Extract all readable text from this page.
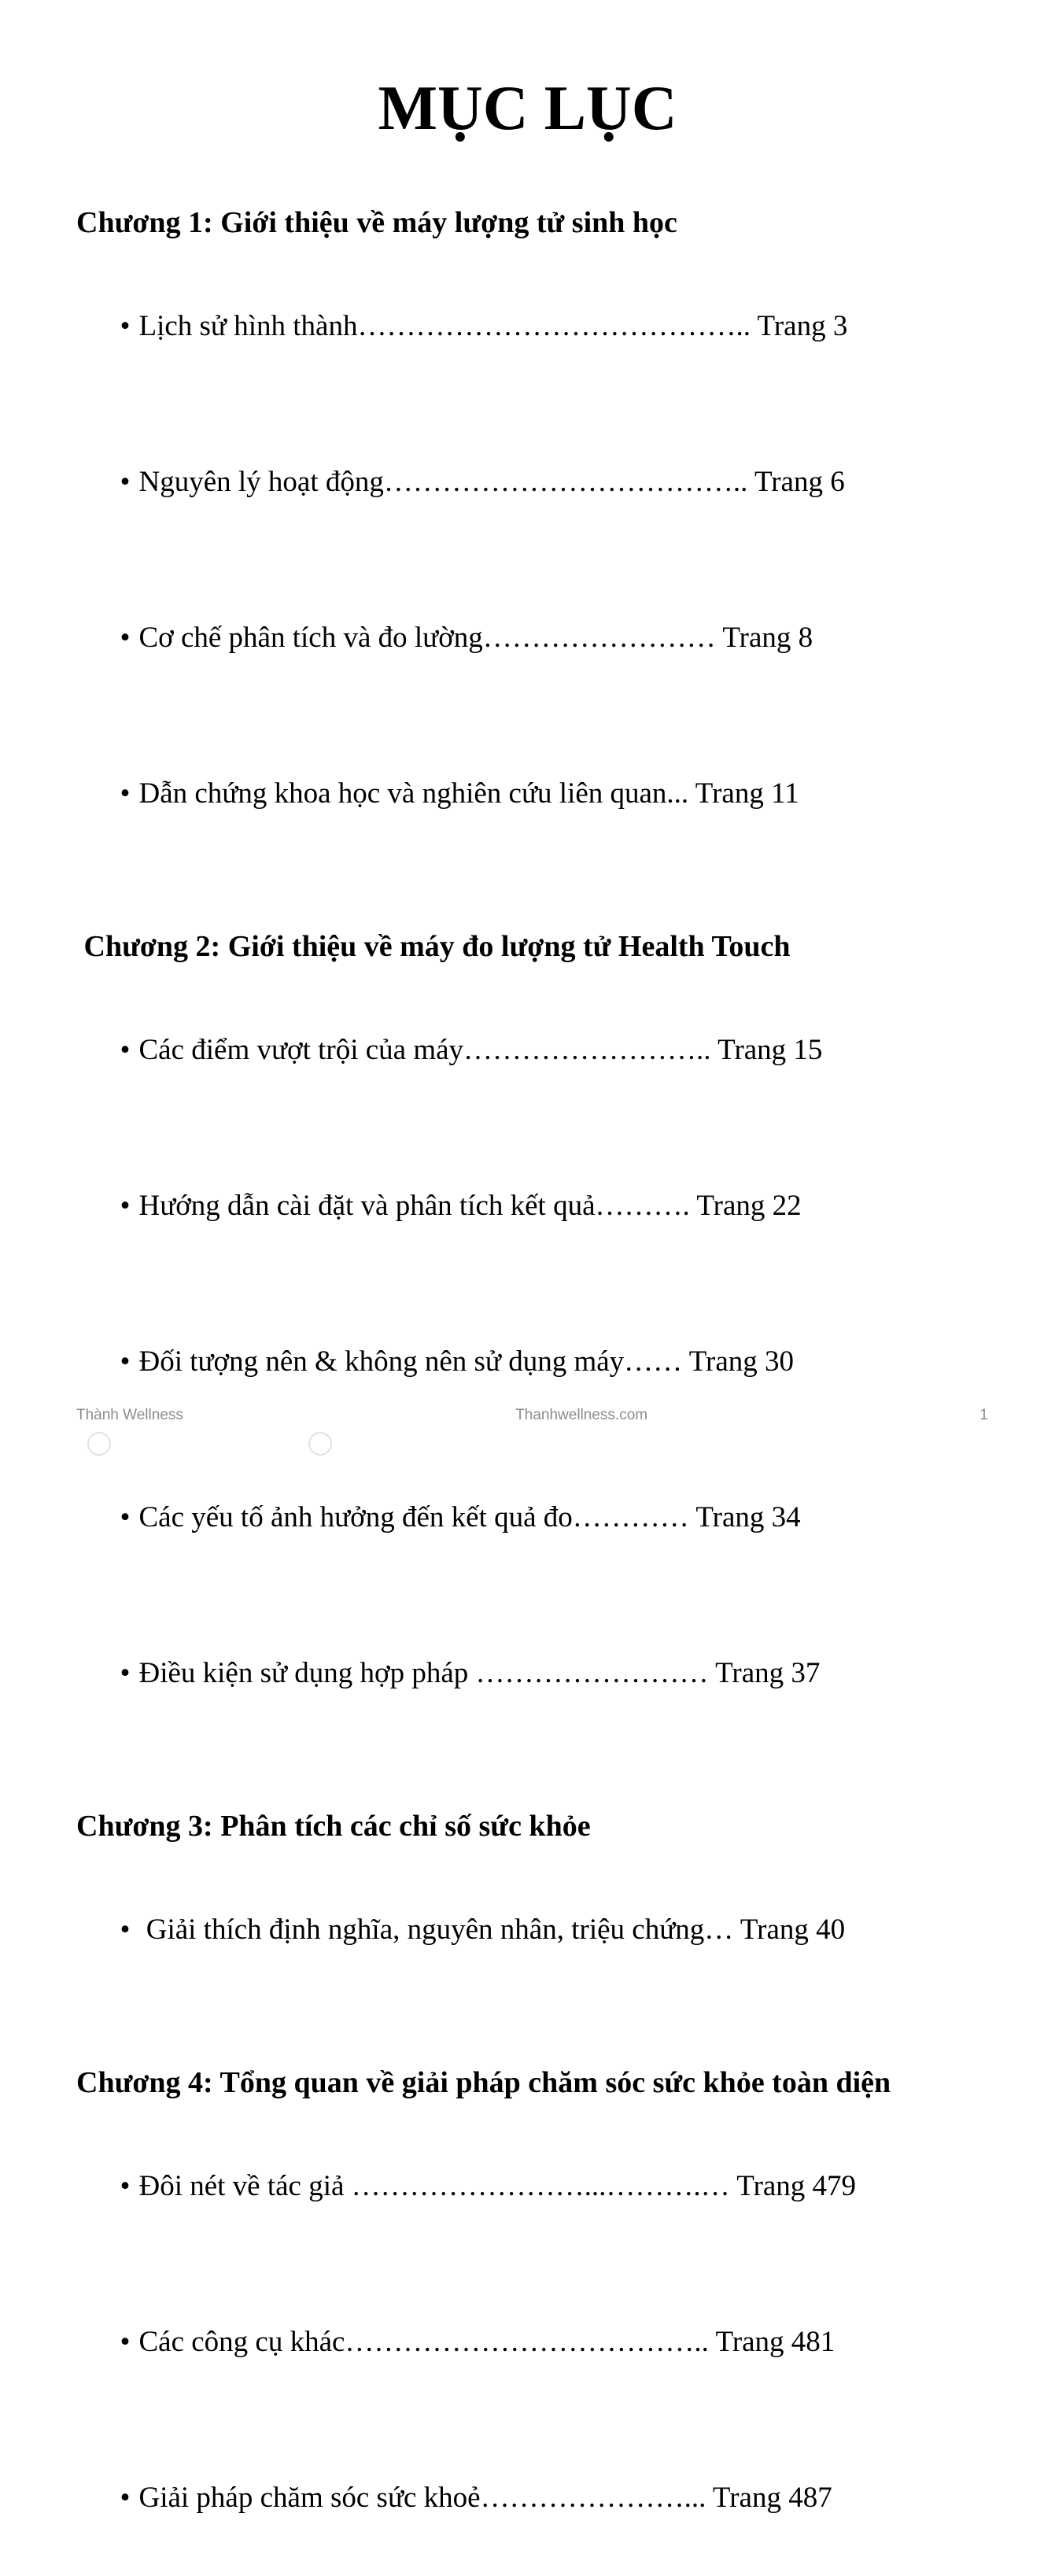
MỤC LỤC
Chương 1: Giới thiệu về máy lượng tử sinh học

• Lịch sử hình thành………………………………….. Trang 3

• Nguyên lý hoạt động……………………………….. Trang 6

• Cơ chế phân tích và đo lường…………………… Trang 8

• Dẫn chứng khoa học và nghiên cứu liên quan... Trang 11

Chương 2: Giới thiệu về máy đo lượng tử Health Touch

• Các điểm vượt trội của máy…………………….. Trang 15

• Hướng dẫn cài đặt và phân tích kết quả………. Trang 22

• Đối tượng nên & không nên sử dụng máy…… Trang 30

• Các yếu tố ảnh hưởng đến kết quả đo………… Trang 34

• Điều kiện sử dụng hợp pháp …………………… Trang 37

Chương 3: Phân tích các chỉ số sức khỏe

• Giải thích định nghĩa, nguyên nhân, triệu chứng… Trang 40

Chương 4: Tổng quan về giải pháp chăm sóc sức khỏe toàn diện

• Đôi nét về tác giả ……………………...……….… Trang 479

• Các công cụ khác……………………………….. Trang 481

• Giải pháp chăm sóc sức khoẻ…………………... Trang 487

Thành Wellness	Thanhwellness.com	1
